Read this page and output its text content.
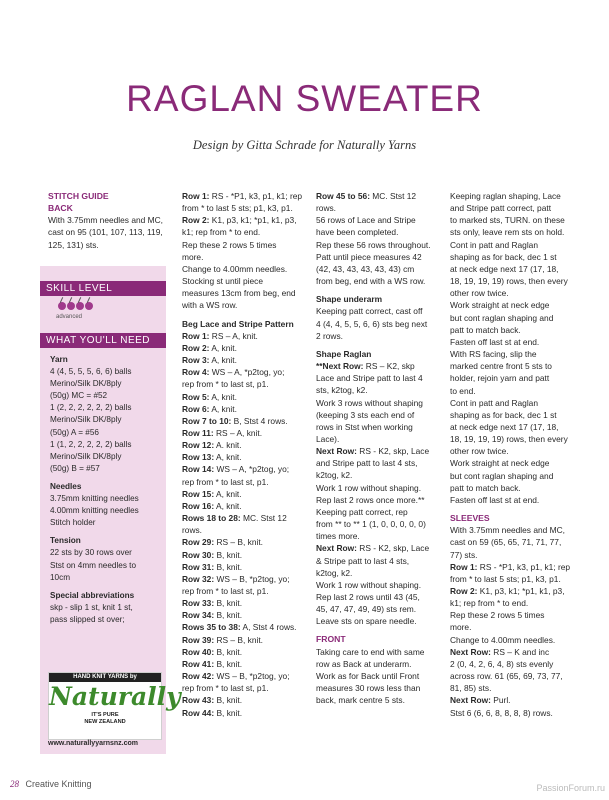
RAGLAN SWEATER
Design by Gitta Schrade for Naturally Yarns

STITCH GUIDE

BACK

With 3.75mm needles and MC,

cast on 95 (101, 107, 113, 119,

125, 131) sts.

SKILL LEVEL
advanced
WHAT YOU'LL NEED

Yarn

4 (4, 5, 5, 5, 6, 6) balls

Merino/Silk DK/8ply

(50g) MC = #52

1 (2, 2, 2, 2, 2, 2) balls

Merino/Silk DK/8ply

(50g) A = #56

1 (1, 2, 2, 2, 2, 2) balls

Merino/Silk DK/8ply

(50g) B = #57

Needles

3.75mm knitting needles

4.00mm knitting needles

Stitch holder

Tension

22 sts by 30 rows over

Stst on 4mm needles to

10cm

Special abbreviations

skp - slip 1 st, knit 1 st,

pass slipped st over;

HAND KNIT YARNS by
Naturally
IT'S PURE
NEW ZEALAND
www.naturallyyarnsnz.com

Row 1: RS - *P1, k3, p1, k1; rep

from * to last 5 sts; p1, k3, p1.

Row 2: K1, p3, k1; *p1, k1, p3,

k1; rep from * to end.

Rep these 2 rows 5 times

more.

Change to 4.00mm needles.

Stocking st until piece

measures 13cm from beg, end

with a WS row.

Beg Lace and Stripe Pattern

Row 1: RS – A, knit.

Row 2: A, knit.

Row 3: A, knit.

Row 4: WS – A, *p2tog, yo;

rep from * to last st, p1.

Row 5: A, knit.

Row 6: A, knit.

Row 7 to 10: B, Stst 4 rows.

Row 11: RS – A, knit.

Row 12: A. knit.

Row 13: A, knit.

Row 14: WS – A, *p2tog, yo;

rep from * to last st, p1.

Row 15: A, knit.

Row 16: A, knit.

Rows 18 to 28: MC. Stst 12

rows.

Row 29: RS – B, knit.

Row 30: B, knit.

Row 31: B, knit.

Row 32: WS – B, *p2tog, yo;

rep from * to last st, p1.

Row 33: B, knit.

Row 34: B, knit.

Rows 35 to 38: A, Stst 4 rows.

Row 39: RS – B, knit.

Row 40: B, knit.

Row 41: B, knit.

Row 42: WS – B, *p2tog, yo;

rep from * to last st, p1.

Row 43: B, knit.

Row 44: B, knit.

Row 45 to 56: MC. Stst 12

rows.

56 rows of Lace and Stripe

have been completed.

Rep these 56 rows throughout.

Patt until piece measures 42

(42, 43, 43, 43, 43, 43) cm

from beg, end with a WS row.

Shape underarm

Keeping patt correct, cast off

4 (4, 4, 5, 5, 6, 6) sts beg next

2 rows.

Shape Raglan

**Next Row: RS – K2, skp

Lace and Stripe patt to last 4

sts, k2tog, k2.

Work 3 rows without shaping

(keeping 3 sts each end of

rows in Stst when working

Lace).

Next Row: RS - K2, skp, Lace

and Stripe patt to last 4 sts,

k2tog, k2.

Work 1 row without shaping.

Rep last 2 rows once more.**

Keeping patt correct, rep

from ** to ** 1 (1, 0, 0, 0, 0, 0)

times more.

Next Row: RS - K2, skp, Lace

& Stripe patt to last 4 sts,

k2tog, k2.

Work 1 row without shaping.

Rep last 2 rows until 43 (45,

45, 47, 47, 49, 49) sts rem.

Leave sts on spare needle.

FRONT

Taking care to end with same

row as Back at underarm.

Work as for Back until Front

measures 30 rows less than

back, mark centre 5 sts.

Keeping raglan shaping, Lace

and Stripe patt correct, patt

to marked sts, TURN. on these

sts only, leave rem sts on hold.

Cont in patt and Raglan

shaping as for back, dec 1 st

at neck edge next 17 (17, 18,

18, 19, 19, 19) rows, then every

other row twice.

Work straight at neck edge

but cont raglan shaping and

patt to match back.

Fasten off last st at end.

With RS facing, slip the

marked centre front 5 sts to

holder, rejoin yarn and patt

to end.

Cont in patt and Raglan

shaping as for back, dec 1 st

at neck edge next 17 (17, 18,

18, 19, 19, 19) rows, then every

other row twice.

Work straight at neck edge

but cont raglan shaping and

patt to match back.

Fasten off last st at end.

SLEEVES

With 3.75mm needles and MC,

cast on 59 (65, 65, 71, 71, 77,

77) sts.

Row 1: RS - *P1, k3, p1, k1; rep

from * to last 5 sts; p1, k3, p1.

Row 2: K1, p3, k1; *p1, k1, p3,

k1; rep from * to end.

Rep these 2 rows 5 times

more.

Change to 4.00mm needles.

Next Row: RS – K and inc

2 (0, 4, 2, 6, 4, 8) sts evenly

across row. 61 (65, 69, 73, 77,

81, 85) sts.

Next Row: Purl.

Stst 6 (6, 6, 8, 8, 8, 8) rows.

28 Creative Knitting	PassionForum.ru
